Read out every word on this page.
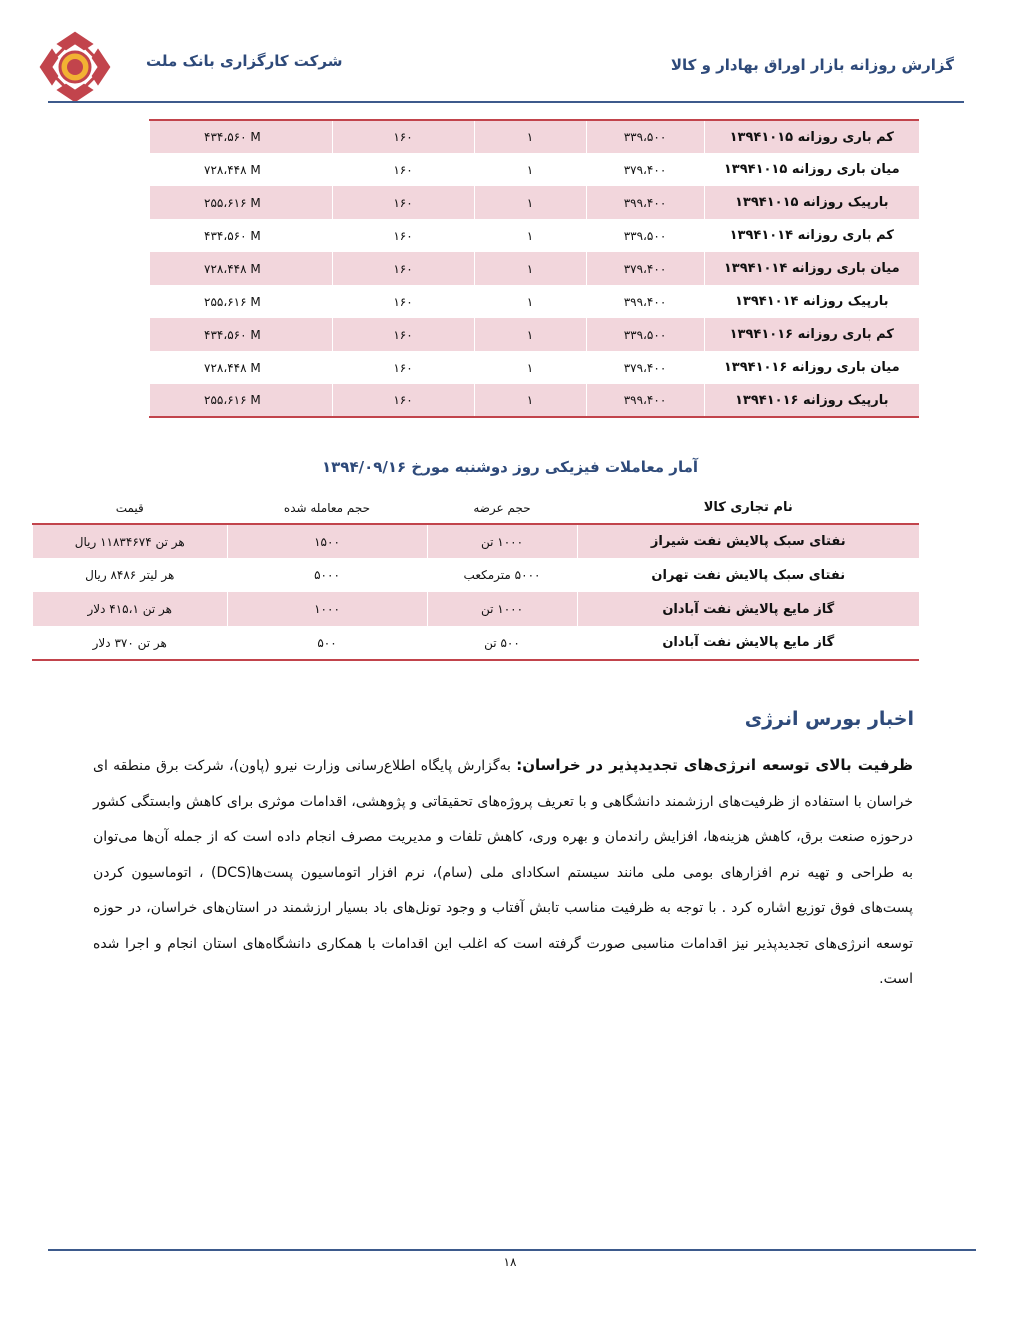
گزارش روزانه بازار اوراق بهادار و کالا
شرکت کارگزاری بانک ملت
کم باری روزانه ۱۳۹۴۱۰۱۵	۳۳۹،۵۰۰	۱	۱۶۰	۴۳۴،۵۶۰ M
میان باری روزانه ۱۳۹۴۱۰۱۵	۳۷۹،۴۰۰	۱	۱۶۰	۷۲۸،۴۴۸ M
بارپیک روزانه ۱۳۹۴۱۰۱۵	۳۹۹،۴۰۰	۱	۱۶۰	۲۵۵،۶۱۶ M
کم باری روزانه ۱۳۹۴۱۰۱۴	۳۳۹،۵۰۰	۱	۱۶۰	۴۳۴،۵۶۰ M
میان باری روزانه ۱۳۹۴۱۰۱۴	۳۷۹،۴۰۰	۱	۱۶۰	۷۲۸،۴۴۸ M
بارپیک روزانه ۱۳۹۴۱۰۱۴	۳۹۹،۴۰۰	۱	۱۶۰	۲۵۵،۶۱۶ M
کم باری روزانه ۱۳۹۴۱۰۱۶	۳۳۹،۵۰۰	۱	۱۶۰	۴۳۴،۵۶۰ M
میان باری روزانه ۱۳۹۴۱۰۱۶	۳۷۹،۴۰۰	۱	۱۶۰	۷۲۸،۴۴۸ M
بارپیک روزانه ۱۳۹۴۱۰۱۶	۳۹۹،۴۰۰	۱	۱۶۰	۲۵۵،۶۱۶ M
آمار معاملات فیزیکی روز دوشنبه مورخ ۱۳۹۴/۰۹/۱۶
نام تجاری کالا	حجم عرضه	حجم معامله شده	قیمت
نفتای سبک پالایش نفت شیراز	۱۰۰۰ تن	۱۵۰۰	هر تن ۱۱۸۳۴۶۷۴ ریال
نفتای سبک پالایش نفت تهران	۵۰۰۰ مترمکعب	۵۰۰۰	هر لیتر ۸۴۸۶ ریال
گاز مایع پالایش نفت آبادان	۱۰۰۰ تن	۱۰۰۰	هر تن ۴۱۵،۱ دلار
گاز مایع پالایش نفت آبادان	۵۰۰ تن	۵۰۰	هر تن ۳۷۰ دلار
اخبار بورس انرژی
ظرفیت بالای توسعه انرژی‌های تجدیدپذیر در خراسان: به‌گزارش پایگاه اطلاع‌رسانی وزارت نیرو (پاون)، شرکت برق منطقه ای خراسان با استفاده از ظرفیت‌های ارزشمند دانشگاهی و با تعریف پروژه‌های تحقیقاتی و پژوهشی، اقدامات موثری برای کاهش وابستگی کشور درحوزه صنعت برق، کاهش هزینه‌ها، افزایش راندمان و بهره وری، کاهش تلفات و مدیریت مصرف انجام داده است که از جمله آن‌ها می‌توان به طراحی و تهیه نرم افزارهای بومی ملی مانند سیستم اسکادای ملی (سام)، نرم افزار اتوماسیون پست‌ها(DCS) ، اتوماسیون کردن پست‌های فوق توزیع اشاره کرد . با توجه به ظرفیت مناسب تابش آفتاب و وجود تونل‌های باد بسیار ارزشمند در استان‌های خراسان، در حوزه توسعه انرژی‌های تجدیدپذیر نیز اقدامات مناسبی صورت گرفته است که اغلب این اقدامات با همکاری دانشگاه‌های استان انجام و اجرا شده است.
۱۸
